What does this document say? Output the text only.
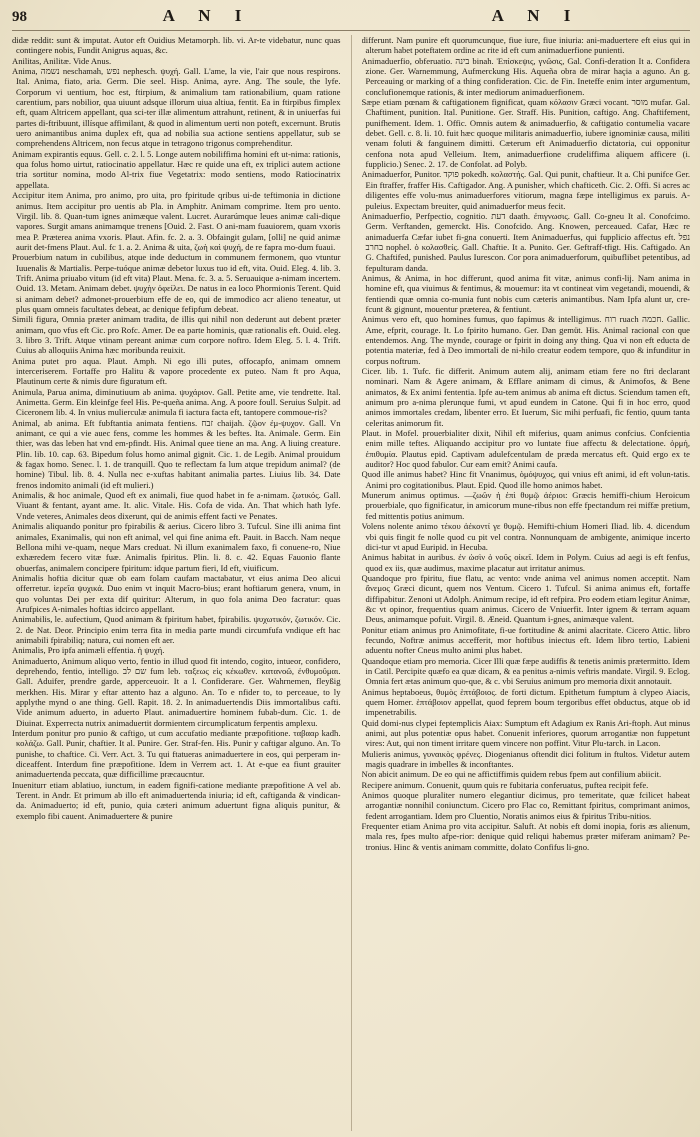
98	A N I	A N I

didæ reddit: sunt & imputat. Autor eft Ouidius Metamorph. lib. vi. Ar-te videbatur, nunc quas contingere nobis, Fundit Anigrus aquas, &c.

Anilitas, Anilitæ. Vide Anus.

Anima, נשמה neschamah, נפש nephesch. ψυχή. Gall. L'ame, la vie, l'air que nous respirons. Ital. Anima, fiato, aria. Germ. Die seel. Hisp. Anima, ayre. Ang. The soule, the lyfe. Corporum vi uentium, hoc est, ftirpium, & animalium tam rationabilium, quam ratione carentium, pars nobilior, qua uiuunt adsque illorum uiua altiua, fentit. Ea in ftirpibus fimplex eft, quam Altricem appellant, qua sci-ter illæ alimentum attrahunt, retinent, & in uniuerfas fui partes di-ftribuunt, illísque affimilant, & quod in alimentum uerti non poteft, excernunt. Brutis uero animantibus anima duplex eft, qua ad nobilia sua actione sentiens appellatur, sub se comprehendens Altricem, non fecus atque in tetragono trigonus comprehenditur.

Animam expirantis equus. Gell. c. 2. l. 5. Longe autem nobiliffima homini eft ut-nima: rationis, qua folus homo uirtut, ratiocinatio appellatur. Hæc re quide una eft, ex triplici autem actione tria sortitur nomina, modo Al-trix fiue Vegetatrix: modo sentiens, modo Ratiocinatrix appellata.

Accipitur item Anima, pro animo, pro uita, pro fpiritude qribus ui-de teftimonia in dictione animus. Item accipitur pro uentis ab Pla. in Amphitr. Animam comprime. Item pro uento. Virgil. lib. 8. Quan-tum ignes animæque valent. Lucret. Aurarúmque leues animæ cali-dique vapores. Surgit amans animamque trenens [Ouid. 2. Fast. O ani-mam fuauiorem, quam vxoris mea P. Præterea anima vxoris. Plaut. Afin. fc. 2. a. 3. Obfaingit gulam, [olli] ne quid animæ aurit det-fmens Plaut. Aul. fc 1. a. 2. Anima & uita, ζωὴ καὶ ψυχή, de re fapra mo-dum fuaui.

Prouerbium natum in cubilibus, atque inde deductum in communem fermonem, quo vtuntur Iuuenalis & Martialis. Perpe-tuóque animæ debetor luxus tuo id eft, vita. Ouid. Eleg. 4. lib. 3. Trift. Anima priuabo vitum (id eft vita) Plaut. Mena. fc. 3. a. 5. Seruauique a-nimam incertem. Ouid. 13. Metam. Animam debet. ψυχὴν ὀφείλει. De natus in ea loco Phormionis Terent. Quid si animam debet? admonet-prouerbium effe de eo, qui de immodico acr alieno teneatur, ut plus quam omneis facultates debeat, ac denique fefipfum debeat.

Simili figura, Omnia præter animam tradita, de illis qui nihil non dederunt aut debent præter animam, quo vfus eft Cic. pro Rofc. Amer. De ea parte hominis, quæ rationalis eft. Ouid. eleg. 3. libro 3. Trift. Atque vtinam pereant animæ cum corpore noftro. Idem Eleg. 5. l. 4. Trift. Cuius ab alloquiis Anima hæc moribunda reuixit.

Anima putet pro aqua. Plaut. Amph. Ni ego illi putes, offocapfo, animam omnem interceriserem. Fortaffe pro Halitu & vapore procedente ex puteo. Nam ft pro Aqua, Plautinum certe & nimis dure figuratum eft.

Animula, Parua anima, diminutiuum ab anima. ψυχάριον. Gall. Petite ame, vie tendrette. Ital. Animetta. Germ. Ein kleinfge feel His. Pe-queña anima. Ang. A poore foull. Seruius Sulpit. ad Ciceronem lib. 4. In vnius mulierculæ animula fi iactura facta eft, tantopere commoue-ris?

Animal, ab anima. Eft fubftantia animata fentiens. זבח chaijah. ζῷον ἐμ-ψυχον. Gall. Vn animant, ce qui a vie auec fens, comme les hommes & les beftes. Ita. Animale. Germ. Ein thier, was das leben hat vnd em-pfindt. His. Animal quee tiene an ma. Ang. A liuing creature. Plin. lib. 10. cap. 63. Bipedum folus homo animal gignit. Cic. 1. de Legib. Animal prouidum & fagax homo. Senec. l. 1. de tranquill. Quo te reflectam fa lum atque trepidum animal? (de homine) Tibul. lib. 8. 4. Nulla nec e-xuftas habitant animalia partes. Liuius lib. 34. Date frenos indomito animali (id eft mulieri.)

Animalis, & hoc animale, Quod eft ex animali, fiue quod habet in fe a-nimam. ζωτικός. Gall. Viuant & fentant, ayant ame. It. alic. Vitale. His. Cofa de vida. An. That which hath lyfe. Vnde veteres, Animales deos dixerunt, qui de animis effent facti ve Penates.

Animalis aliquando ponitur pro fpirabilis & aerius. Cicero libro 3. Tufcul. Sine illi anima fint animales, Exanimalis, qui non eft animal, vel qui fine anima eft. Pauit. in Bacch. Nam neque Bellona mihi ve-quam, neque Mars creduat. Ni illum exanimalem faxo, fi conuene-ro, Niue exhæredem fecero vitæ fuæ. Animalis fpiritus. Plin. li. 8. c. 42. Equas Fauonio flante obuerfas, animalem concipere fpiritum: idque partum fieri, Id eft, viuificum.

Animalis hoftia dicitur quæ ob eam folam caufam mactabatur, vt eius anima Deo alicui offerretur. ἱερεῖα ψυχικά. Duo enim vt inquit Macro-bius; erant hoftiarum genera, vnum, in quo voluntas Dei per exta dif quiritur: Alterum, in quo fola anima Deo facratur: quas Arufpices A-nimales hoftias idcirco appellant.

Animabilis, le. aufectium, Quod animam & fpiritum habet, fpirabilis. ψυχωτικόν, ζωτικόν. Cic. 2. de Nat. Deor. Principio enim terra fita in media parte mundi circumfufa vndique eft hac animabili fpirabiliq; natura, cui nomen eft aer.

Animalis, Pro ipfa animæli effentia. ἡ ψυχή.

Animaduerto, Animum aliquo verto, fentio in illud quod fit intendo, cogito, intueor, confidero, deprehendo, fentio, intelligo. שם לב fum leb. ταξεως εἰς κέκωθεν. κατανοῶ, ἐνθυμοῦμαι. Gall. Aduifer, prendre garde, apperceuoir. It a l. Confiderare. Ger. Wahrnemen, fleyßig merkhen. His. Mirar y eftar attento haz a alguno. An. To e nfider to, to perceaue, to ly applythe mynd o ane thing. Gell. Rapit. 18. 2. In animaduertendis Diis immortalibus cafti. Vide animum aduerto, in aduerto Plaut. animaduertire hominem fubab-dum. Cic. 1. de Diuinat. Experrecta nutrix animaduertit dormientem circumplicatum ferpentis amplexu.

Interdum ponitur pro punio & caftigo, ut cum accufatio mediante præpofitione. ταβααρ kadh. κολάζω. Gall. Punir, chaftier. It al. Punire. Ger. Straf-fen. His. Punir y caftigar alguno. An. To punishe, to chaftice. Ci. Verr. Act. 3. Tu qui ftatueras animaduertere in eos, qui perperam in-diceaffent. Interdum fine præpofitione. Idem in Verrem act. 1. At e-que ea fiunt grauiter animaduertenda peccata, quæ difficillime præcaucntur.

Inueniturr etiam ablatiuo, iunctum, in eadem fignifi-catione mediante præpofitione A vel ab. Terent. in Andr. Et primum ab illo eft animaduertenda iniuria; id eft, caftiganda & vindican-da. Animaduerto; id eft, punio, quia cæteri animum aduertunt figna aliquis punitur, & exemplo fibi cauent. Animaduertere & punire

differunt. Nam punire eft quorumcunque, fiue iure, fiue iniuria: ani-maduertere eft eius qui in alterum habet poteftatem ordine ac rite id eft cum animaduerfione punienti.

Animaduerfio, obferuatio. בינה binah. Ἐπίσκεψις, γνῶσις, Gal. Confi-deration It a. Confidera zione. Ger. Warnemmung, Aufmerckung His. Aqueña obra de mirar haçia a aguno. An g. Perceauing or marking of a thing confideration. Cic. de Fin. Ineteffe enim inter argumentum, conclufionemque rationis, & inter mediorum animaduerfionem.

Sæpe etiam pœnam & caftigationem fignificat, quam κόλασιν Græci vocant. מוסר mufar. Gal. Chaftiment, punition. Ital. Punitione. Ger. Straff. His. Punition, caftigo. Ang. Chaftifement, punifhement. Idem. 1. Offic. Omnis autem & animaduerfio, & caftigatio contumelia vacare debet. Gell. c. 8. li. 10. fuit hæc quoque militaris animaduerfio, iubere ignominiæ causa, militi venam foluti & fanguinem dimitti. Cæterum eft Animaduerfio dictatoria, cui opponitur cenfona nota apud Velleium. Item, animaduerfione crudeliffima aliquem afficere (i. fupplicio.) Senec. 2. 17. de Confolat. ad Polyb.

Animaduerfor, Punitor. פוקד pokedh. κολαστής. Gal. Qui punit, chaftieur. It a. Chi punifce Ger. Ein ftraffer, fraffer His. Caftigador. Ang. A punisher, which chafticeth. Cic. 2. Offi. Si acres ac diligentes effe volu-mus animaduerfores vitiorum, magna fæpe intelligimus ex paruis. A-puleius. Expectam breuiter, quid animaduerfor meus fecit.

Animaduerfio, Perfpectio, cognitio. דעת daath. ἐπιγνωσις. Gall. Co-gneu It al. Conofcimo. Germ. Verftanden, gemerckt. His. Conofcido. Ang. Knowen, perceaued. Cafar, Hæc re animaduerfa Cæfar iubet fi-gna conuerti. Item Animaduerfus, qui fupplicio affectus eft. נפל בחרב nophel. ὁ κολασθείς. Gall. Chaftie. It a. Punito. Ger. Geftraff-tfigt. His. Caftigado. An G. Chaftifed, punished. Paulus Iurescon. Cor pora animaduerforum, quibuflibet petentibus, ad fepulturam danda.

Animus, & Anima, in hoc differunt, quod anima fit vitæ, animus confi-lij. Nam anima in homine eft, qua viuimus & fentimus, & mouemur: ita vt contineat vim vegetandi, mouendi, & fentiendi quæ omnia co-munia funt nobis cum cæteris animantibus. Nam Ipfa alunt ur, cre-fcunt & gignunt, mouentur præterea, & fentiunt.

Animus vero eft, quo homines fumus, quo fapimus & intelligimus. רוח ruach חכמה. Gallic. Ame, efprit, courage. It. Lo fpirito humano. Ger. Dan gemüt. His. Animal racional con que entendemos. Ang. The mynde, courage or fpirit in doing any thing. Qua vi non eft educta de potentia materiæ, fed à Deo immortali de ni-hilo creatur eodem tempore, quo & infunditur in corpus noftrum.

Cicer. lib. 1. Tufc. fic differit. Animum autem alij, animam etiam fere no ftri declarant nominari. Nam & Agere animam, & Efflare animam di cimus, & Animofos, & Bene animatos, & Ex animi fententia. Ipfe au-tem animus ab anima eft dictus. Sciendum tamen eft, animum pro a-nima plerunque fumi, vt apud eundem in Catone. Qui fi in hoc erro, quod animos immortales credam, libenter erro. Et Iuerum, Sic mihi perfuafi, fic fentio, quum tanta celeritas animorum fit.

Plaut. in Mofel. prouerbialiter dixit, Nihil eft miferius, quam animus confcius. Confcientia enim mille teftes. Aliquando accipitur pro vo luntate fiue affectu & delectatione. ὁρμή, ἐπιθυμία. Plautus epid. Captivam adulefcentulam de præda mercatus eft. Quid ergo ex te auditor? Hoc quod fabulor. Cur eam emit? Animi caufa.

Quod ille animus habet? Hinc fit Vnanimus, ὁμόψυχος, qui vnius eft animi, id eft volun-tatis. Animi pro cogitationibus. Plaut. Epid. Quod ille homo animos habet.

Munerum animus optimus. —ζωῶν ἡ ἐπὶ θυμῷ ἀέριοι: Græcis hemiffi-chium Heroicum prouerbiale, quo fignificatur, in amicorum mune-ribus non effe fpectandum rei miffæ pretium, fed mittentis potius animum.

Volens nolente animo τέκου ἀέκοντί γε θυμῷ. Hemifti-chium Homeri Iliad. lib. 4. dicendum vbi quis fingit fe nolle quod cu pit vel contra. Nonnunquam de ambigente, animique incerto dici-tur vt apud Euripid. in Hecuba.

Animus habitat in auribus. ἐν ὠσὶν ὁ νοῦς οἰκεῖ. Idem in Polym. Cuius ad aegi is eft fenfus, quod ex iis, quæ audimus, maxime placatur aut irritatur animus.

Quandoque pro fpiritu, fiue flatu, ac vento: vnde anima vel animus nomen acceptit. Nam ἄνεμος Græci dicunt, quem nos Ventum. Cicero 1. Tufcul. Si anima animus eft, fortaffe diffipabitur. Zenoni ut Adolph. Animum recipe, id eft refpira. Pro eodem etiam legitur Animæ, &c vt opinor, frequentius quam animus. Cicero de Vniuerfit. Inter ignem & terram aquam Deus, animamque pofuit. Virgil. 8. Æneid. Quantum i-gnes, animæque valent.

Ponitur etiam animus pro Animofitate, fi-ue fortitudine & animi alacritate. Cicero Attic. libro fecundo, Noftræ animus accefferit, mor hoftibus iniectus eft. Idem libro tertio, Labieni aduentu nofter Cneus multo animi plus habet.

Quandoque etiam pro memoria. Cicer Illi quæ fæpe audiffis & tenetis animis prætermitto. Idem in Catil. Percipite quæfo ea quæ dicam, & ea penitus a-nimis veftris mandate. Virgil. 9. Eclog. Omnia fert ætas animum quo-que, & c. vbi Seruius animum pro memoria dixit annotauit.

Animus heptaboeus, θυμὸς ἑπτάβοιος. de forti dictum. Epithetum fumptum à clypeo Aiacis, quem Homer. ἑπτάβοιον appellat, quod feprem boum tergoribus effet obductus, atque ob id impenetrabilis.

Quid domi-nus clypei feptemplicis Aiax: Sumptum eft Adagium ex Ranis Ari-ftoph. Aut minus animi, aut plus potentiæ opus habet. Conuenit inferiores, quorum arrogantiæ non fuppetunt vires: Aut, qui non timent irritare quem vincere non poffint. Vitur Plu-tarch. in Lacon.

Mulieris animus, γυναικὸς φρένες. Diogenianus oftendit dici folitum in ftultos. Videtur autem magis quadrare in imbelles & inconftantes.

Non abicit animum. De eo qui ne affictiffimis quidem rebus fpem aut confilium abiicit.

Recipere animum. Conuenit, quum quis re fubitaria conferuatus, puftea recipit fefe.

Animos quoque pluraliter numero elegantiur dicimus, pro temeritate, quæ fcilicet habeat arrogantiæ nonnihil coniunctum. Cicero pro Flac co, Remittant fpiritus, comprimant animos, fedent arrogantiam. Idem pro Cluentio, Noratis animos eius & fpiritus Tribu-nitios.

Frequenter etiam Anima pro vita accipitur. Saluft. At nobis eft domi inopia, foris æs alienum, mala res, fpes multo afpe-rior: denique quid reliqui habemus præter miferam animam? Pe-tronius. Hinc & ventis animam committe, dolato Confifus li-gno.
